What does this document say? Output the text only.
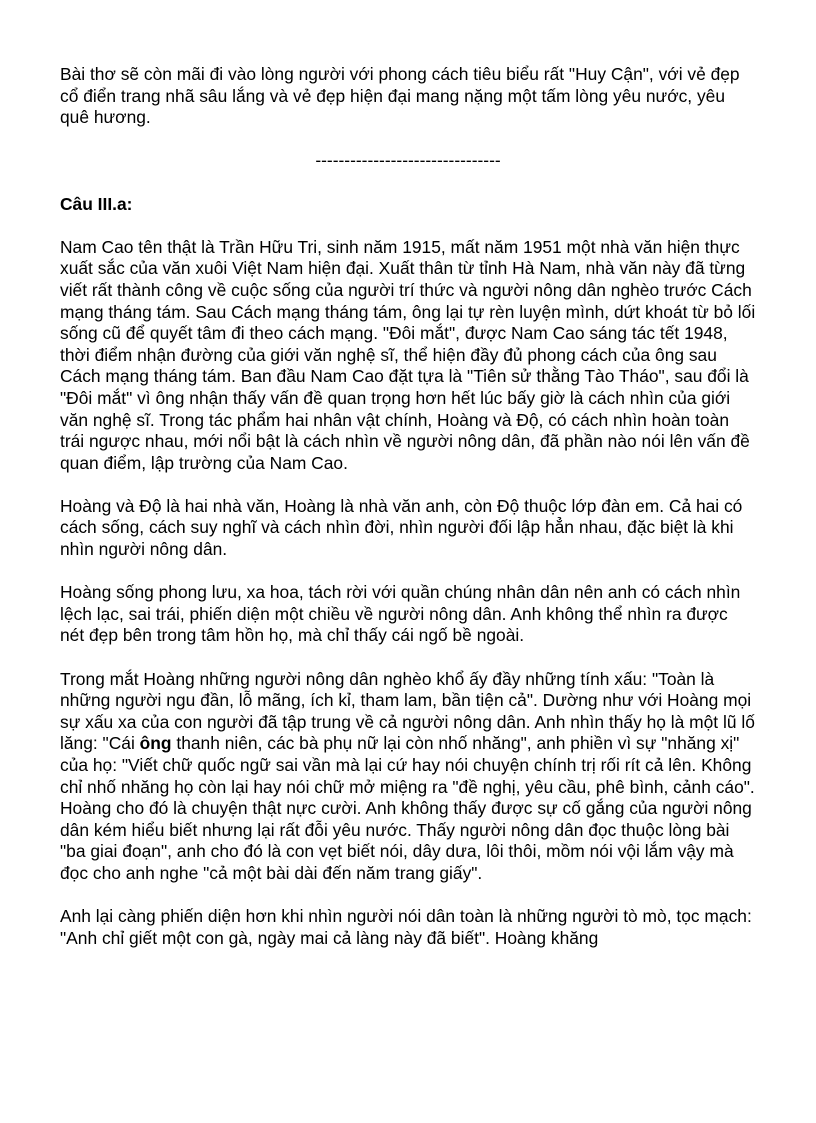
Bài thơ sẽ còn mãi đi vào lòng người với phong cách tiêu biểu rất "Huy Cận", với vẻ đẹp cổ điển trang nhã sâu lắng và vẻ đẹp hiện đại mang nặng một tấm lòng yêu nước, yêu quê hương.

--------------------------------
Câu III.a:

Nam Cao tên thật là Trần Hữu Tri, sinh năm 1915, mất năm 1951 một nhà văn hiện thực xuất sắc của văn xuôi Việt Nam hiện đại. Xuất thân từ tỉnh Hà Nam, nhà văn này đã từng viết rất thành công về cuộc sống của người trí thức và người nông dân nghèo trước Cách mạng tháng tám. Sau Cách mạng tháng tám, ông lại tự rèn luyện mình, dứt khoát từ bỏ lối sống cũ để quyết tâm đi theo cách mạng. "Đôi mắt", được Nam Cao sáng tác tết 1948, thời điểm nhận đường của giới văn nghệ sĩ, thể hiện đầy đủ phong cách của ông sau Cách mạng tháng tám. Ban đầu Nam Cao đặt tựa là "Tiên sử thằng Tào Tháo", sau đổi là "Đôi mắt" vì ông nhận thấy vấn đề quan trọng hơn hết lúc bấy giờ là cách nhìn của giới văn nghệ sĩ. Trong tác phẩm hai nhân vật chính, Hoàng và Độ, có cách nhìn hoàn toàn trái ngược nhau, mới nổi bật là cách nhìn về người nông dân, đã phần nào nói lên vấn đề quan điểm, lập trường của Nam Cao.

Hoàng và Độ là hai nhà văn, Hoàng là nhà văn anh, còn Độ thuộc lớp đàn em. Cả hai có cách sống, cách suy nghĩ và cách nhìn đời, nhìn người đối lập hẳn nhau, đặc biệt là khi nhìn người nông dân.

Hoàng sống phong lưu, xa hoa, tách rời với quần chúng nhân dân nên anh có cách nhìn lệch lạc, sai trái, phiến diện một chiều về người nông dân. Anh không thể nhìn ra được nét đẹp bên trong tâm hồn họ, mà chỉ thấy cái ngố bề ngoài.

Trong mắt Hoàng những người nông dân nghèo khổ ấy đầy những tính xấu: "Toàn là những người ngu đần, lỗ mãng, ích kỉ, tham lam, bần tiện cả". Dường như với Hoàng mọi sự xấu xa của con người đã tập trung về cả người nông dân. Anh nhìn thấy họ là một lũ lố lăng: "Cái ông thanh niên, các bà phụ nữ lại còn nhố nhăng", anh phiền vì sự "nhăng xị" của họ: "Viết chữ quốc ngữ sai vần mà lại cứ hay nói chuyện chính trị rối rít cả lên. Không chỉ nhố nhăng họ còn lại hay nói chữ mở miệng ra "đề nghị, yêu cầu, phê bình, cảnh cáo". Hoàng cho đó là chuyện thật nực cười. Anh không thấy được sự cố gắng của người nông dân kém hiểu biết nhưng lại rất đỗi yêu nước. Thấy người nông dân đọc thuộc lòng bài "ba giai đoạn", anh cho đó là con vẹt biết nói, dây dưa, lôi thôi, mồm nói vội lắm vậy mà đọc cho anh nghe "cả một bài dài đến năm trang giấy".

Anh lại càng phiến diện hơn khi nhìn người nói dân toàn là những người tò mò, tọc mạch: "Anh chỉ giết một con gà, ngày mai cả làng này đã biết". Hoàng khăng
